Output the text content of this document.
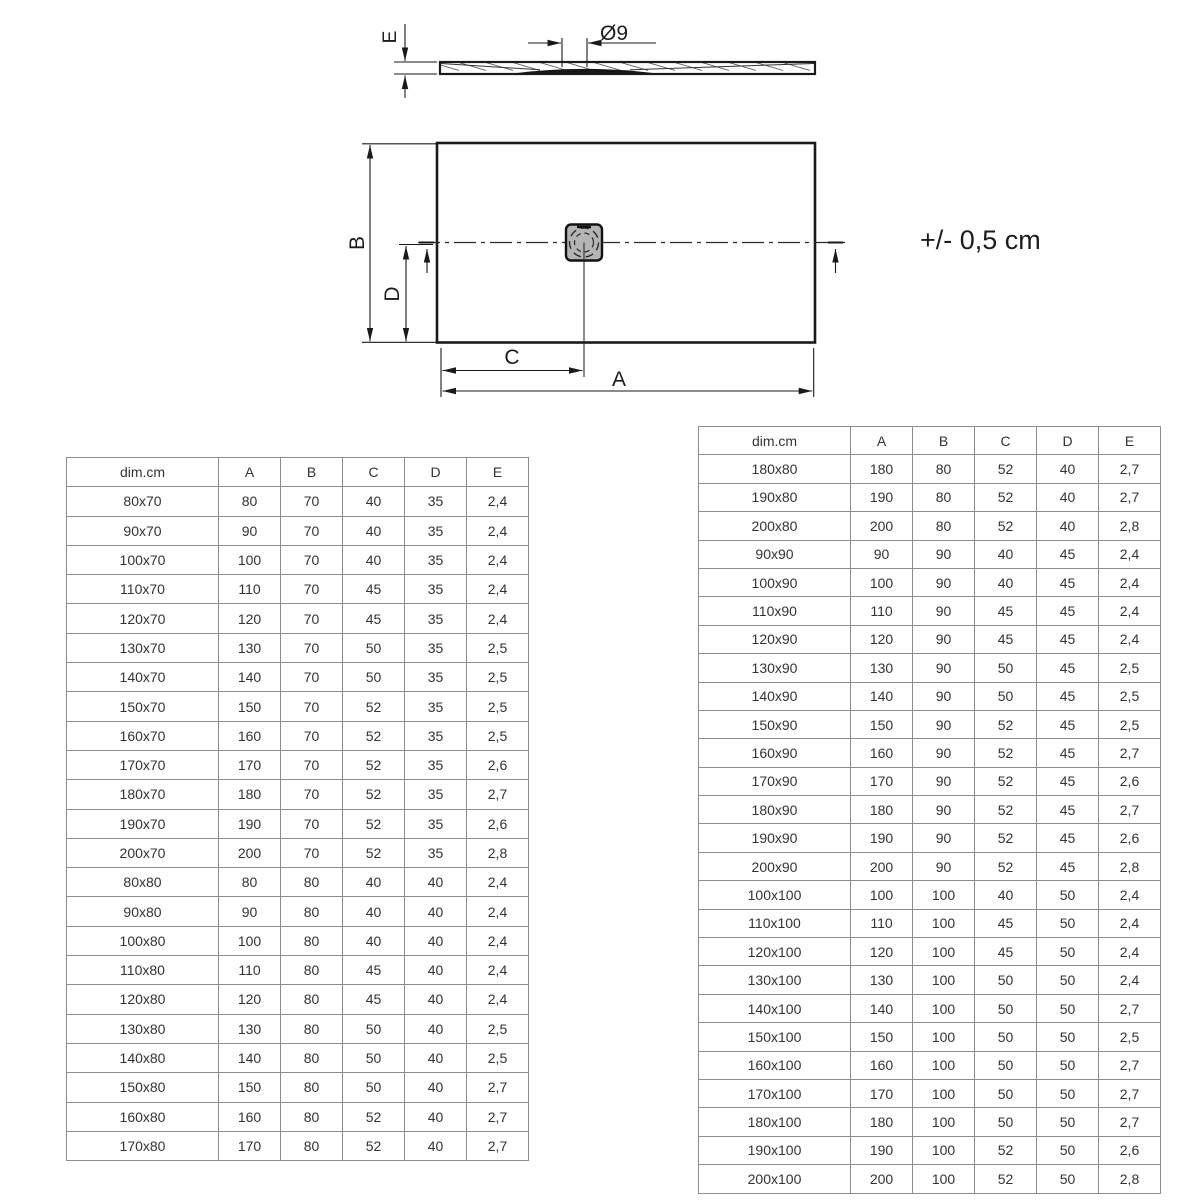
E	Ø9
B
D
C
A
+/- 0,5 cm
dim.cm	A	B	C	D	E
80x70	80	70	40	35	2,4
90x70	90	70	40	35	2,4
100x70	100	70	40	35	2,4
110x70	110	70	45	35	2,4
120x70	120	70	45	35	2,4
130x70	130	70	50	35	2,5
140x70	140	70	50	35	2,5
150x70	150	70	52	35	2,5
160x70	160	70	52	35	2,5
170x70	170	70	52	35	2,6
180x70	180	70	52	35	2,7
190x70	190	70	52	35	2,6
200x70	200	70	52	35	2,8
80x80	80	80	40	40	2,4
90x80	90	80	40	40	2,4
100x80	100	80	40	40	2,4
110x80	110	80	45	40	2,4
120x80	120	80	45	40	2,4
130x80	130	80	50	40	2,5
140x80	140	80	50	40	2,5
150x80	150	80	50	40	2,7
160x80	160	80	52	40	2,7
170x80	170	80	52	40	2,7
dim.cm	A	B	C	D	E
180x80	180	80	52	40	2,7
190x80	190	80	52	40	2,7
200x80	200	80	52	40	2,8
90x90	90	90	40	45	2,4
100x90	100	90	40	45	2,4
110x90	110	90	45	45	2,4
120x90	120	90	45	45	2,4
130x90	130	90	50	45	2,5
140x90	140	90	50	45	2,5
150x90	150	90	52	45	2,5
160x90	160	90	52	45	2,7
170x90	170	90	52	45	2,6
180x90	180	90	52	45	2,7
190x90	190	90	52	45	2,6
200x90	200	90	52	45	2,8
100x100	100	100	40	50	2,4
110x100	110	100	45	50	2,4
120x100	120	100	45	50	2,4
130x100	130	100	50	50	2,4
140x100	140	100	50	50	2,7
150x100	150	100	50	50	2,5
160x100	160	100	50	50	2,7
170x100	170	100	50	50	2,7
180x100	180	100	50	50	2,7
190x100	190	100	52	50	2,6
200x100	200	100	52	50	2,8
